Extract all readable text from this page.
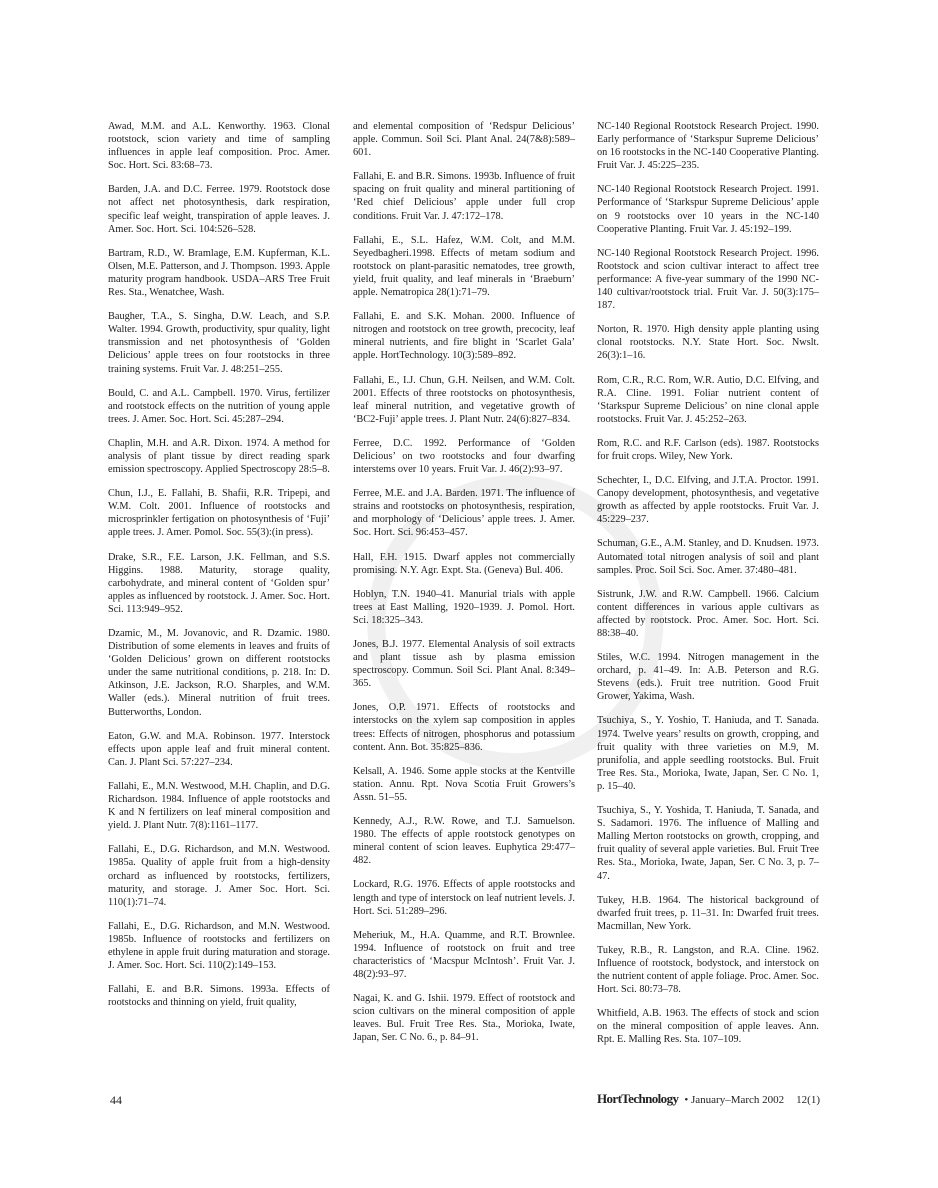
Awad, M.M. and A.L. Kenworthy. 1963. Clonal rootstock, scion variety and time of sampling influences in apple leaf composition. Proc. Amer. Soc. Hort. Sci. 83:68–73.

Barden, J.A. and D.C. Ferree. 1979. Rootstock dose not affect net photosynthesis, dark respiration, specific leaf weight, transpiration of apple leaves. J. Amer. Soc. Hort. Sci. 104:526–528.

Bartram, R.D., W. Bramlage, E.M. Kupferman, K.L. Olsen, M.E. Patterson, and J. Thompson. 1993. Apple maturity program handbook. USDA–ARS Tree Fruit Res. Sta., Wenatchee, Wash.

Baugher, T.A., S. Singha, D.W. Leach, and S.P. Walter. 1994. Growth, productivity, spur quality, light transmission and net photosynthesis of ‘Golden Delicious’ apple trees on four rootstocks in three training systems. Fruit Var. J. 48:251–255.

Bould, C. and A.L. Campbell. 1970. Virus, fertilizer and rootstock effects on the nutrition of young apple trees. J. Amer. Soc. Hort. Sci. 45:287–294.

Chaplin, M.H. and A.R. Dixon. 1974. A method for analysis of plant tissue by direct reading spark emission spectroscopy. Applied Spectroscopy 28:5–8.

Chun, I.J., E. Fallahi, B. Shafii, R.R. Tripepi, and W.M. Colt. 2001. Influence of rootstocks and microsprinkler fertigation on photosynthesis of ‘Fuji’ apple trees. J. Amer. Pomol. Soc. 55(3):(in press).

Drake, S.R., F.E. Larson, J.K. Fellman, and S.S. Higgins. 1988. Maturity, storage quality, carbohydrate, and mineral content of ‘Golden spur’ apples as influenced by rootstock. J. Amer. Soc. Hort. Sci. 113:949–952.

Dzamic, M., M. Jovanovic, and R. Dzamic. 1980. Distribution of some elements in leaves and fruits of ‘Golden Delicious’ grown on different rootstocks under the same nutritional conditions, p. 218. In: D. Atkinson, J.E. Jackson, R.O. Sharples, and W.M. Waller (eds.). Mineral nutrition of fruit trees. Butterworths, London.

Eaton, G.W. and M.A. Robinson. 1977. Interstock effects upon apple leaf and fruit mineral content. Can. J. Plant Sci. 57:227–234.

Fallahi, E., M.N. Westwood, M.H. Chaplin, and D.G. Richardson. 1984. Influence of apple rootstocks and K and N fertilizers on leaf mineral composition and yield. J. Plant Nutr. 7(8):1161–1177.

Fallahi, E., D.G. Richardson, and M.N. Westwood. 1985a. Quality of apple fruit from a high-density orchard as influenced by rootstocks, fertilizers, maturity, and storage. J. Amer Soc. Hort. Sci. 110(1):71–74.

Fallahi, E., D.G. Richardson, and M.N. Westwood. 1985b. Influence of rootstocks and fertilizers on ethylene in apple fruit during maturation and storage. J. Amer. Soc. Hort. Sci. 110(2):149–153.

Fallahi, E. and B.R. Simons. 1993a. Effects of rootstocks and thinning on yield, fruit quality,

and elemental composition of ‘Redspur Delicious’ apple. Commun. Soil Sci. Plant Anal. 24(7&8):589–601.

Fallahi, E. and B.R. Simons. 1993b. Influence of fruit spacing on fruit quality and mineral partitioning of ‘Red chief Delicious’ apple under full crop conditions. Fruit Var. J. 47:172–178.

Fallahi, E., S.L. Hafez, W.M. Colt, and M.M. Seyedbagheri.1998. Effects of metam sodium and rootstock on plant-parasitic nematodes, tree growth, yield, fruit quality, and leaf minerals in ‘Braeburn’ apple. Nematropica 28(1):71–79.

Fallahi, E. and S.K. Mohan. 2000. Influence of nitrogen and rootstock on tree growth, precocity, leaf mineral nutrients, and fire blight in ‘Scarlet Gala’ apple. HortTechnology. 10(3):589–892.

Fallahi, E., I.J. Chun, G.H. Neilsen, and W.M. Colt. 2001. Effects of three rootstocks on photosynthesis, leaf mineral nutrition, and vegetative growth of ‘BC2-Fuji’ apple trees. J. Plant Nutr. 24(6):827–834.

Ferree, D.C. 1992. Performance of ‘Golden Delicious’ on two rootstocks and four dwarfing interstems over 10 years. Fruit Var. J. 46(2):93–97.

Ferree, M.E. and J.A. Barden. 1971. The influence of strains and rootstocks on photosynthesis, respiration, and morphology of ‘Delicious’ apple trees. J. Amer. Soc. Hort. Sci. 96:453–457.

Hall, F.H. 1915. Dwarf apples not commercially promising. N.Y. Agr. Expt. Sta. (Geneva) Bul. 406.

Hoblyn, T.N. 1940–41. Manurial trials with apple trees at East Malling, 1920–1939. J. Pomol. Hort. Sci. 18:325–343.

Jones, B.J. 1977. Elemental Analysis of soil extracts and plant tissue ash by plasma emission spectroscopy. Commun. Soil Sci. Plant Anal. 8:349–365.

Jones, O.P. 1971. Effects of rootstocks and interstocks on the xylem sap composition in apples trees: Effects of nitrogen, phosphorus and potassium content. Ann. Bot. 35:825–836.

Kelsall, A. 1946. Some apple stocks at the Kentville station. Annu. Rpt. Nova Scotia Fruit Growers’s Assn. 51–55.

Kennedy, A.J., R.W. Rowe, and T.J. Samuelson. 1980. The effects of apple rootstock genotypes on mineral content of scion leaves. Euphytica 29:477–482.

Lockard, R.G. 1976. Effects of apple rootstocks and length and type of interstock on leaf nutrient levels. J. Hort. Sci. 51:289–296.

Meheriuk, M., H.A. Quamme, and R.T. Brownlee. 1994. Influence of rootstock on fruit and tree characteristics of ‘Macspur McIntosh’. Fruit Var. J. 48(2):93–97.

Nagai, K. and G. Ishii. 1979. Effect of rootstock and scion cultivars on the mineral composition of apple leaves. Bul. Fruit Tree Res. Sta., Morioka, Iwate, Japan, Ser. C No. 6., p. 84–91.

NC-140 Regional Rootstock Research Project. 1990. Early performance of ‘Starkspur Supreme Delicious’ on 16 rootstocks in the NC-140 Cooperative Planting. Fruit Var. J. 45:225–235.

NC-140 Regional Rootstock Research Project. 1991. Performance of ‘Starkspur Supreme Delicious’ apple on 9 rootstocks over 10 years in the NC-140 Cooperative Planting. Fruit Var. J. 45:192–199.

NC-140 Regional Rootstock Research Project. 1996. Rootstock and scion cultivar interact to affect tree performance: A five-year summary of the 1990 NC-140 cultivar/rootstock trial. Fruit Var. J. 50(3):175–187.

Norton, R. 1970. High density apple planting using clonal rootstocks. N.Y. State Hort. Soc. Nwslt. 26(3):1–16.

Rom, C.R., R.C. Rom, W.R. Autio, D.C. Elfving, and R.A. Cline. 1991. Foliar nutrient content of ‘Starkspur Supreme Delicious’ on nine clonal apple rootstocks. Fruit Var. J. 45:252–263.

Rom, R.C. and R.F. Carlson (eds). 1987. Rootstocks for fruit crops. Wiley, New York.

Schechter, I., D.C. Elfving, and J.T.A. Proctor. 1991. Canopy development, photosynthesis, and vegetative growth as affected by apple rootstocks. Fruit Var. J. 45:229–237.

Schuman, G.E., A.M. Stanley, and D. Knudsen. 1973. Automated total nitrogen analysis of soil and plant samples. Proc. Soil Sci. Soc. Amer. 37:480–481.

Sistrunk, J.W. and R.W. Campbell. 1966. Calcium content differences in various apple cultivars as affected by rootstock. Proc. Amer. Soc. Hort. Sci. 88:38–40.

Stiles, W.C. 1994. Nitrogen management in the orchard, p. 41–49. In: A.B. Peterson and R.G. Stevens (eds.). Fruit tree nutrition. Good Fruit Grower, Yakima, Wash.

Tsuchiya, S., Y. Yoshio, T. Haniuda, and T. Sanada. 1974. Twelve years’ results on growth, cropping, and fruit quality with three varieties on M.9, M. prunifolia, and apple seedling rootstocks. Bul. Fruit Tree Res. Sta., Morioka, Iwate, Japan, Ser. C No. 1, p. 15–40.

Tsuchiya, S., Y. Yoshida, T. Haniuda, T. Sanada, and S. Sadamori. 1976. The influence of Malling and Malling Merton rootstocks on growth, cropping, and fruit quality of several apple varieties. Bul. Fruit Tree Res. Sta., Morioka, Iwate, Japan, Ser. C No. 3, p. 7–47.

Tukey, H.B. 1964. The historical background of dwarfed fruit trees, p. 11–31. In: Dwarfed fruit trees. Macmillan, New York.

Tukey, R.B., R. Langston, and R.A. Cline. 1962. Influence of rootstock, bodystock, and interstock on the nutrient content of apple foliage. Proc. Amer. Soc. Hort. Sci. 80:73–78.

Whitfield, A.B. 1963. The effects of stock and scion on the mineral composition of apple leaves. Ann. Rpt. E. Malling Res. Sta. 107–109.

44	HortTechnology • January–March 2002 12(1)
